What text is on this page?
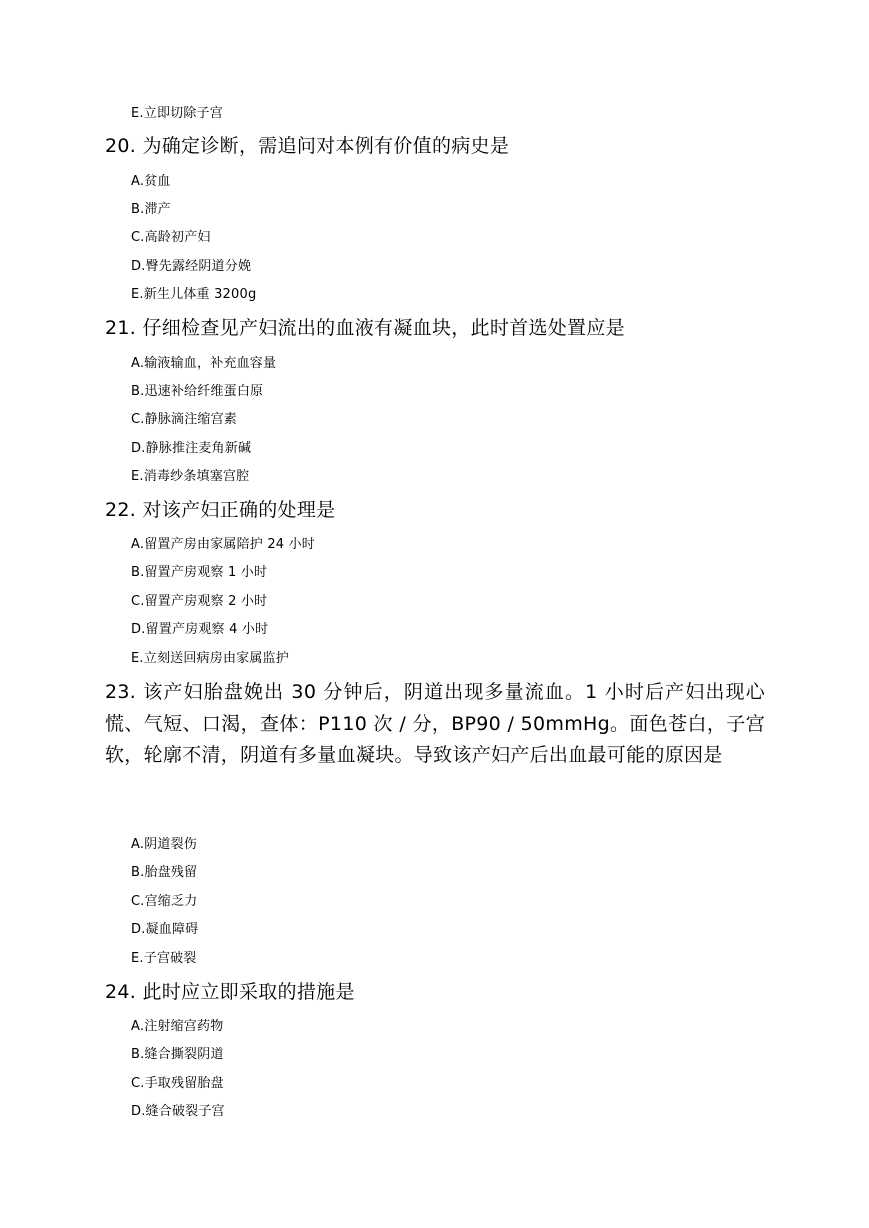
E.立即切除子宫
20. 为确定诊断，需追问对本例有价值的病史是
A.贫血
B.滞产
C.高龄初产妇
D.臀先露经阴道分娩
E.新生儿体重 3200g
21. 仔细检查见产妇流出的血液有凝血块，此时首选处置应是
A.输液输血，补充血容量
B.迅速补给纤维蛋白原
C.静脉滴注缩宫素
D.静脉推注麦角新碱
E.消毒纱条填塞宫腔
22. 对该产妇正确的处理是
A.留置产房由家属陪护 24 小时
B.留置产房观察 1 小时
C.留置产房观察 2 小时
D.留置产房观察 4 小时
E.立刻送回病房由家属监护
23. 该产妇胎盘娩出 30 分钟后，阴道出现多量流血。1 小时后产妇出现心慌、气短、口渴，查体：P110 次 / 分，BP90 / 50mmHg。面色苍白，子宫软，轮廓不清，阴道有多量血凝块。导致该产妇产后出血最可能的原因是
A.阴道裂伤
B.胎盘残留
C.宫缩乏力
D.凝血障碍
E.子宫破裂
24. 此时应立即采取的措施是
A.注射缩宫药物
B.缝合撕裂阴道
C.手取残留胎盘
D.缝合破裂子宫
